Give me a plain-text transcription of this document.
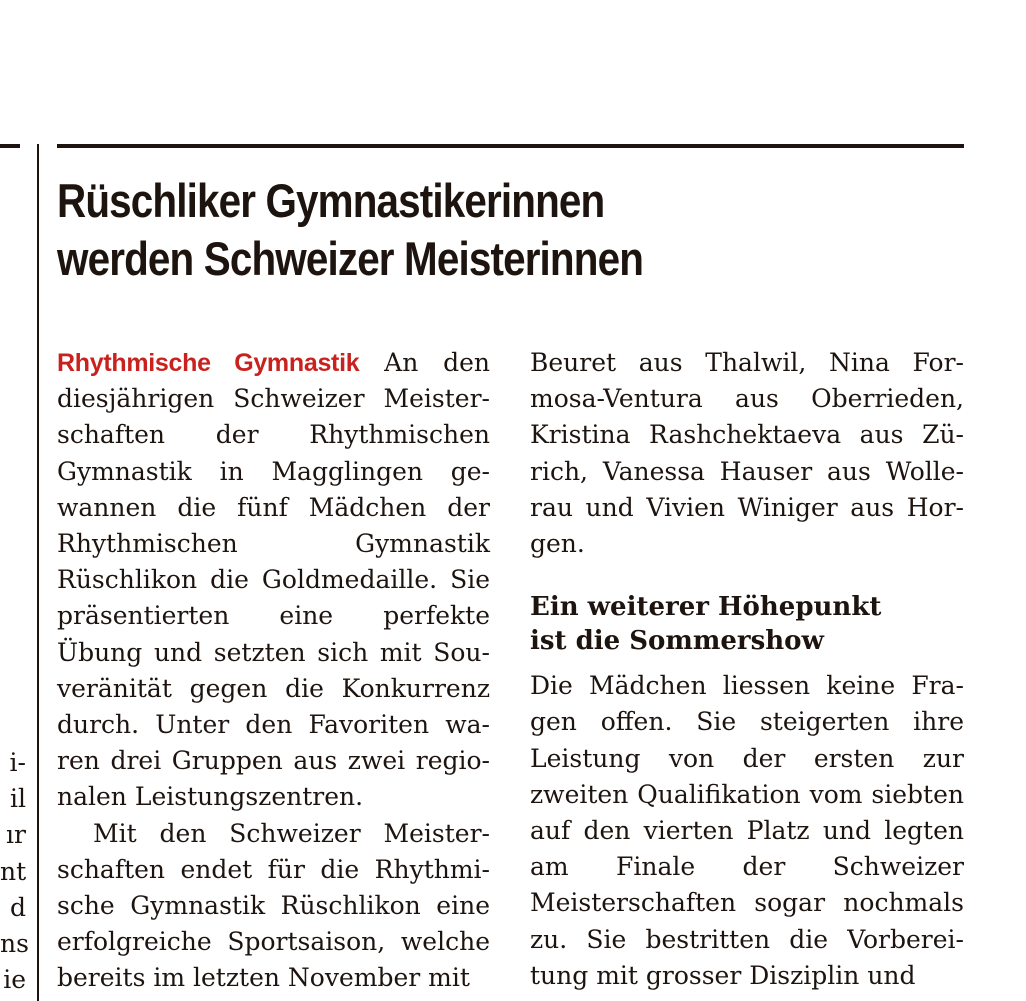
Rüschliker Gymnastikerinnen
werden Schweizer Meisterinnen

Rhythmische Gymnastik An den diesjährigen Schweizer Meisterschaften der Rhythmischen Gymnastik in Magglingen gewannen die fünf Mädchen der Rhythmischen Gymnastik Rüschlikon die Goldmedaille. Sie präsentierten eine perfekte Übung und setzten sich mit Souveränität gegen die Konkurrenz durch. Unter den Favoriten waren drei Gruppen aus zwei regionalen Leistungszentren.

Mit den Schweizer Meisterschaften endet für die Rhythmische Gymnastik Rüschlikon eine erfolgreiche Sportsaison, welche bereits im letzten November mit

Beuret aus Thalwil, Nina Formosa-Ventura aus Oberrieden, Kristina Rashchektaeva aus Zürich, Vanessa Hauser aus Wollerau und Vivien Winiger aus Horgen.

Ein weiterer Höhepunkt
ist die Sommershow

Die Mädchen liessen keine Fragen offen. Sie steigerten ihre Leistung von der ersten zur zweiten Qualifikation vom siebten auf den vierten Platz und legten am Finale der Schweizer Meisterschaften sogar nochmals zu. Sie bestritten die Vorbereitung mit grosser Disziplin und

i-
il
ır
nt
d
ns
ie
